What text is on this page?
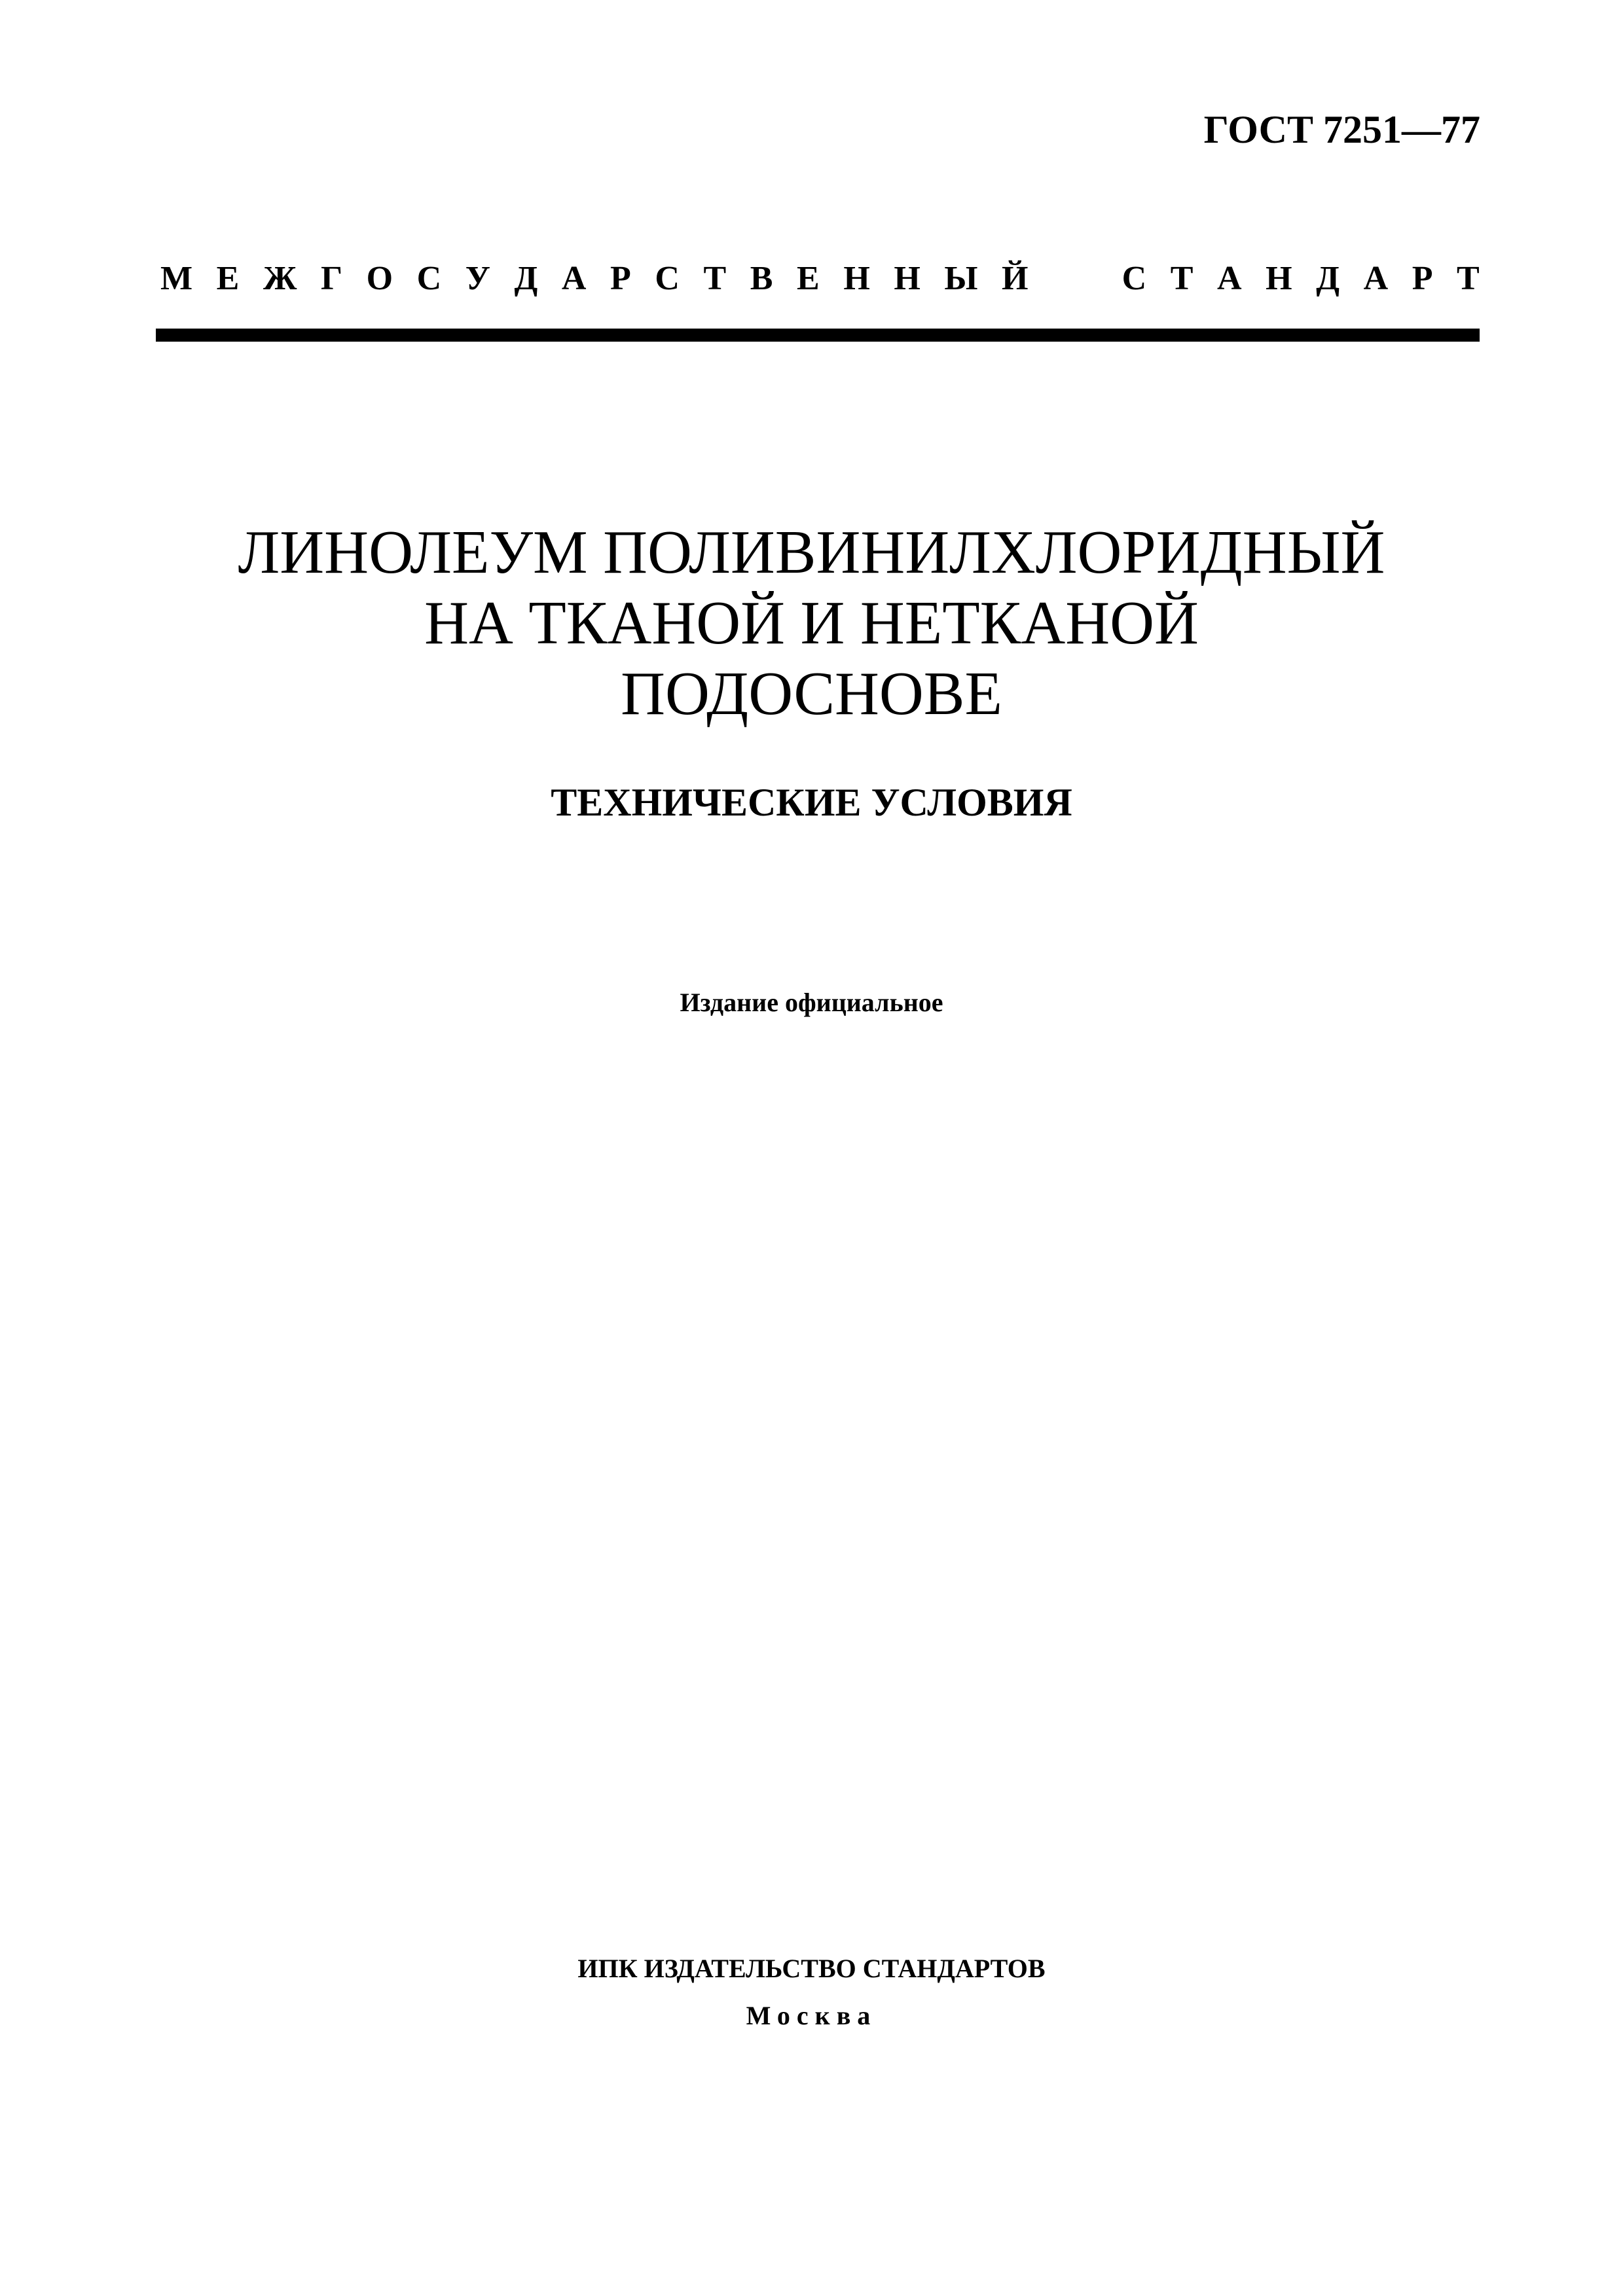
ГОСТ 7251—77
М Е Ж Г О С У Д А Р С Т В Е Н Н Ы Й	С Т А Н Д А Р Т
ЛИНОЛЕУМ ПОЛИВИНИЛХЛОРИДНЫЙ
НА ТКАНОЙ И НЕТКАНОЙ
ПОДОСНОВЕ
ТЕХНИЧЕСКИЕ УСЛОВИЯ
Издание официальное
ИПК ИЗДАТЕЛЬСТВО СТАНДАРТОВ
Москва
